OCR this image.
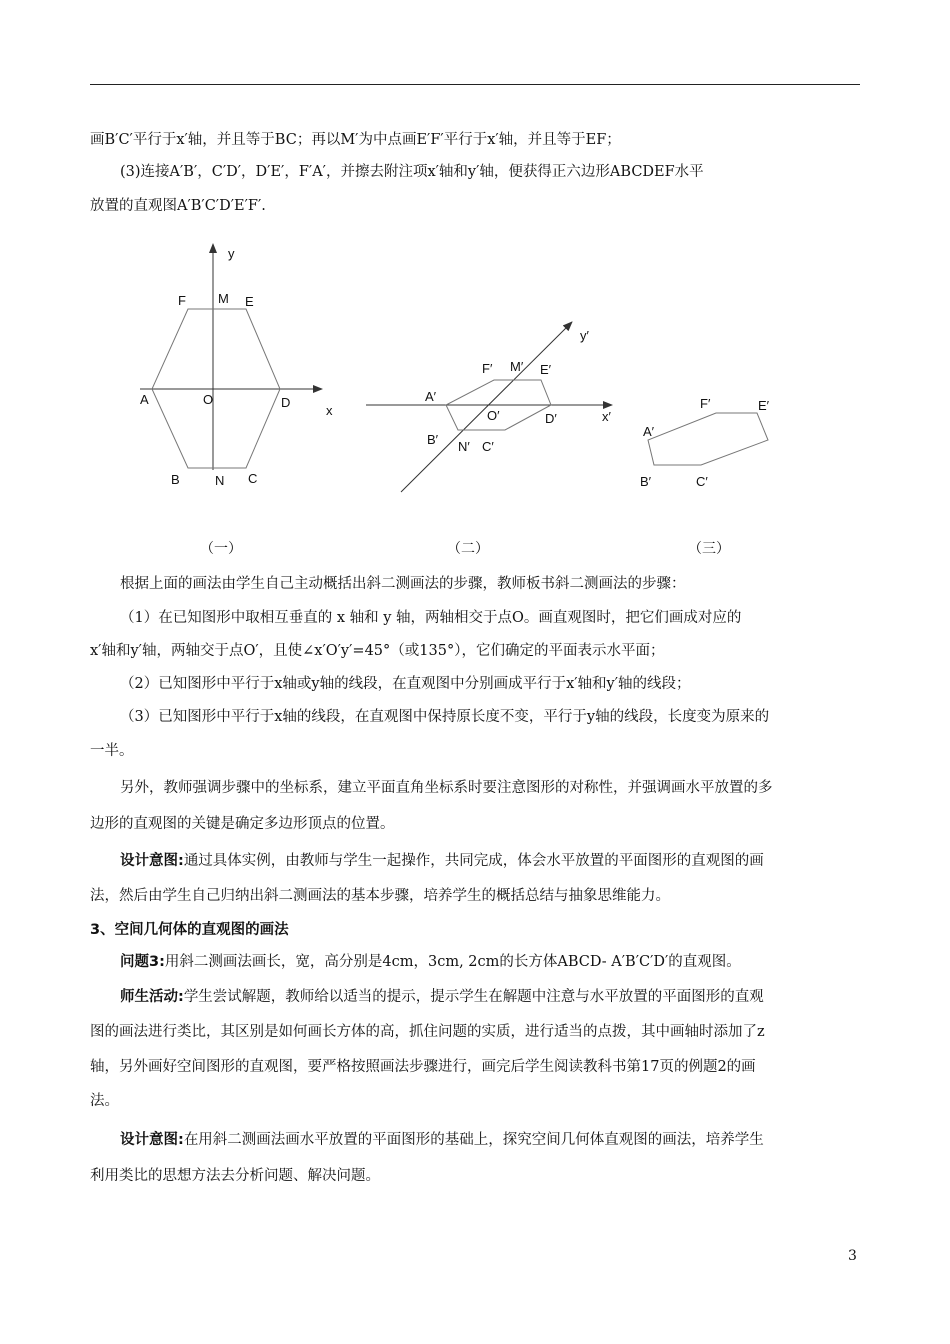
画B′C′平行于x′轴，并且等于BC；再以M′为中点画E′F′平行于x′轴，并且等于EF；
(3)连接A′B′，C′D′，D′E′，F′A′，并擦去附注项x′轴和y′轴，便获得正六边形ABCDEF水平
放置的直观图A′B′C′D′E′F′.
y
x
F M E
A	O	D
B	N C
y′
x′
F′ M′ E′
A′
O′	D′
B′ N′ C′
F′	E′
A′
B′	C′
（一）	（二）	（三）
根据上面的画法由学生自己主动概括出斜二测画法的步骤，教师板书斜二测画法的步骤：
（1）在已知图形中取相互垂直的 x 轴和 y 轴，两轴相交于点O。画直观图时，把它们画成对应的
x′轴和y′轴，两轴交于点O′，且使∠x′O′y′=45°（或135°），它们确定的平面表示水平面；
（2）已知图形中平行于x轴或y轴的线段，在直观图中分别画成平行于x′轴和y′轴的线段；
（3）已知图形中平行于x轴的线段，在直观图中保持原长度不变，平行于y轴的线段，长度变为原来的
一半。
另外，教师强调步骤中的坐标系，建立平面直角坐标系时要注意图形的对称性，并强调画水平放置的多
边形的直观图的关键是确定多边形顶点的位置。
设计意图:通过具体实例，由教师与学生一起操作，共同完成，体会水平放置的平面图形的直观图的画
法，然后由学生自己归纳出斜二测画法的基本步骤，培养学生的概括总结与抽象思维能力。
3、空间几何体的直观图的画法
问题3:用斜二测画法画长，宽，高分别是4cm，3cm, 2cm的长方体ABCD- A′B′C′D′的直观图。
师生活动:学生尝试解题，教师给以适当的提示，提示学生在解题中注意与水平放置的平面图形的直观
图的画法进行类比，其区别是如何画长方体的高，抓住问题的实质，进行适当的点拨，其中画轴时添加了z
轴，另外画好空间图形的直观图，要严格按照画法步骤进行，画完后学生阅读教科书第17页的例题2的画
法。
设计意图:在用斜二测画法画水平放置的平面图形的基础上，探究空间几何体直观图的画法，培养学生
利用类比的思想方法去分析问题、解决问题。
3
